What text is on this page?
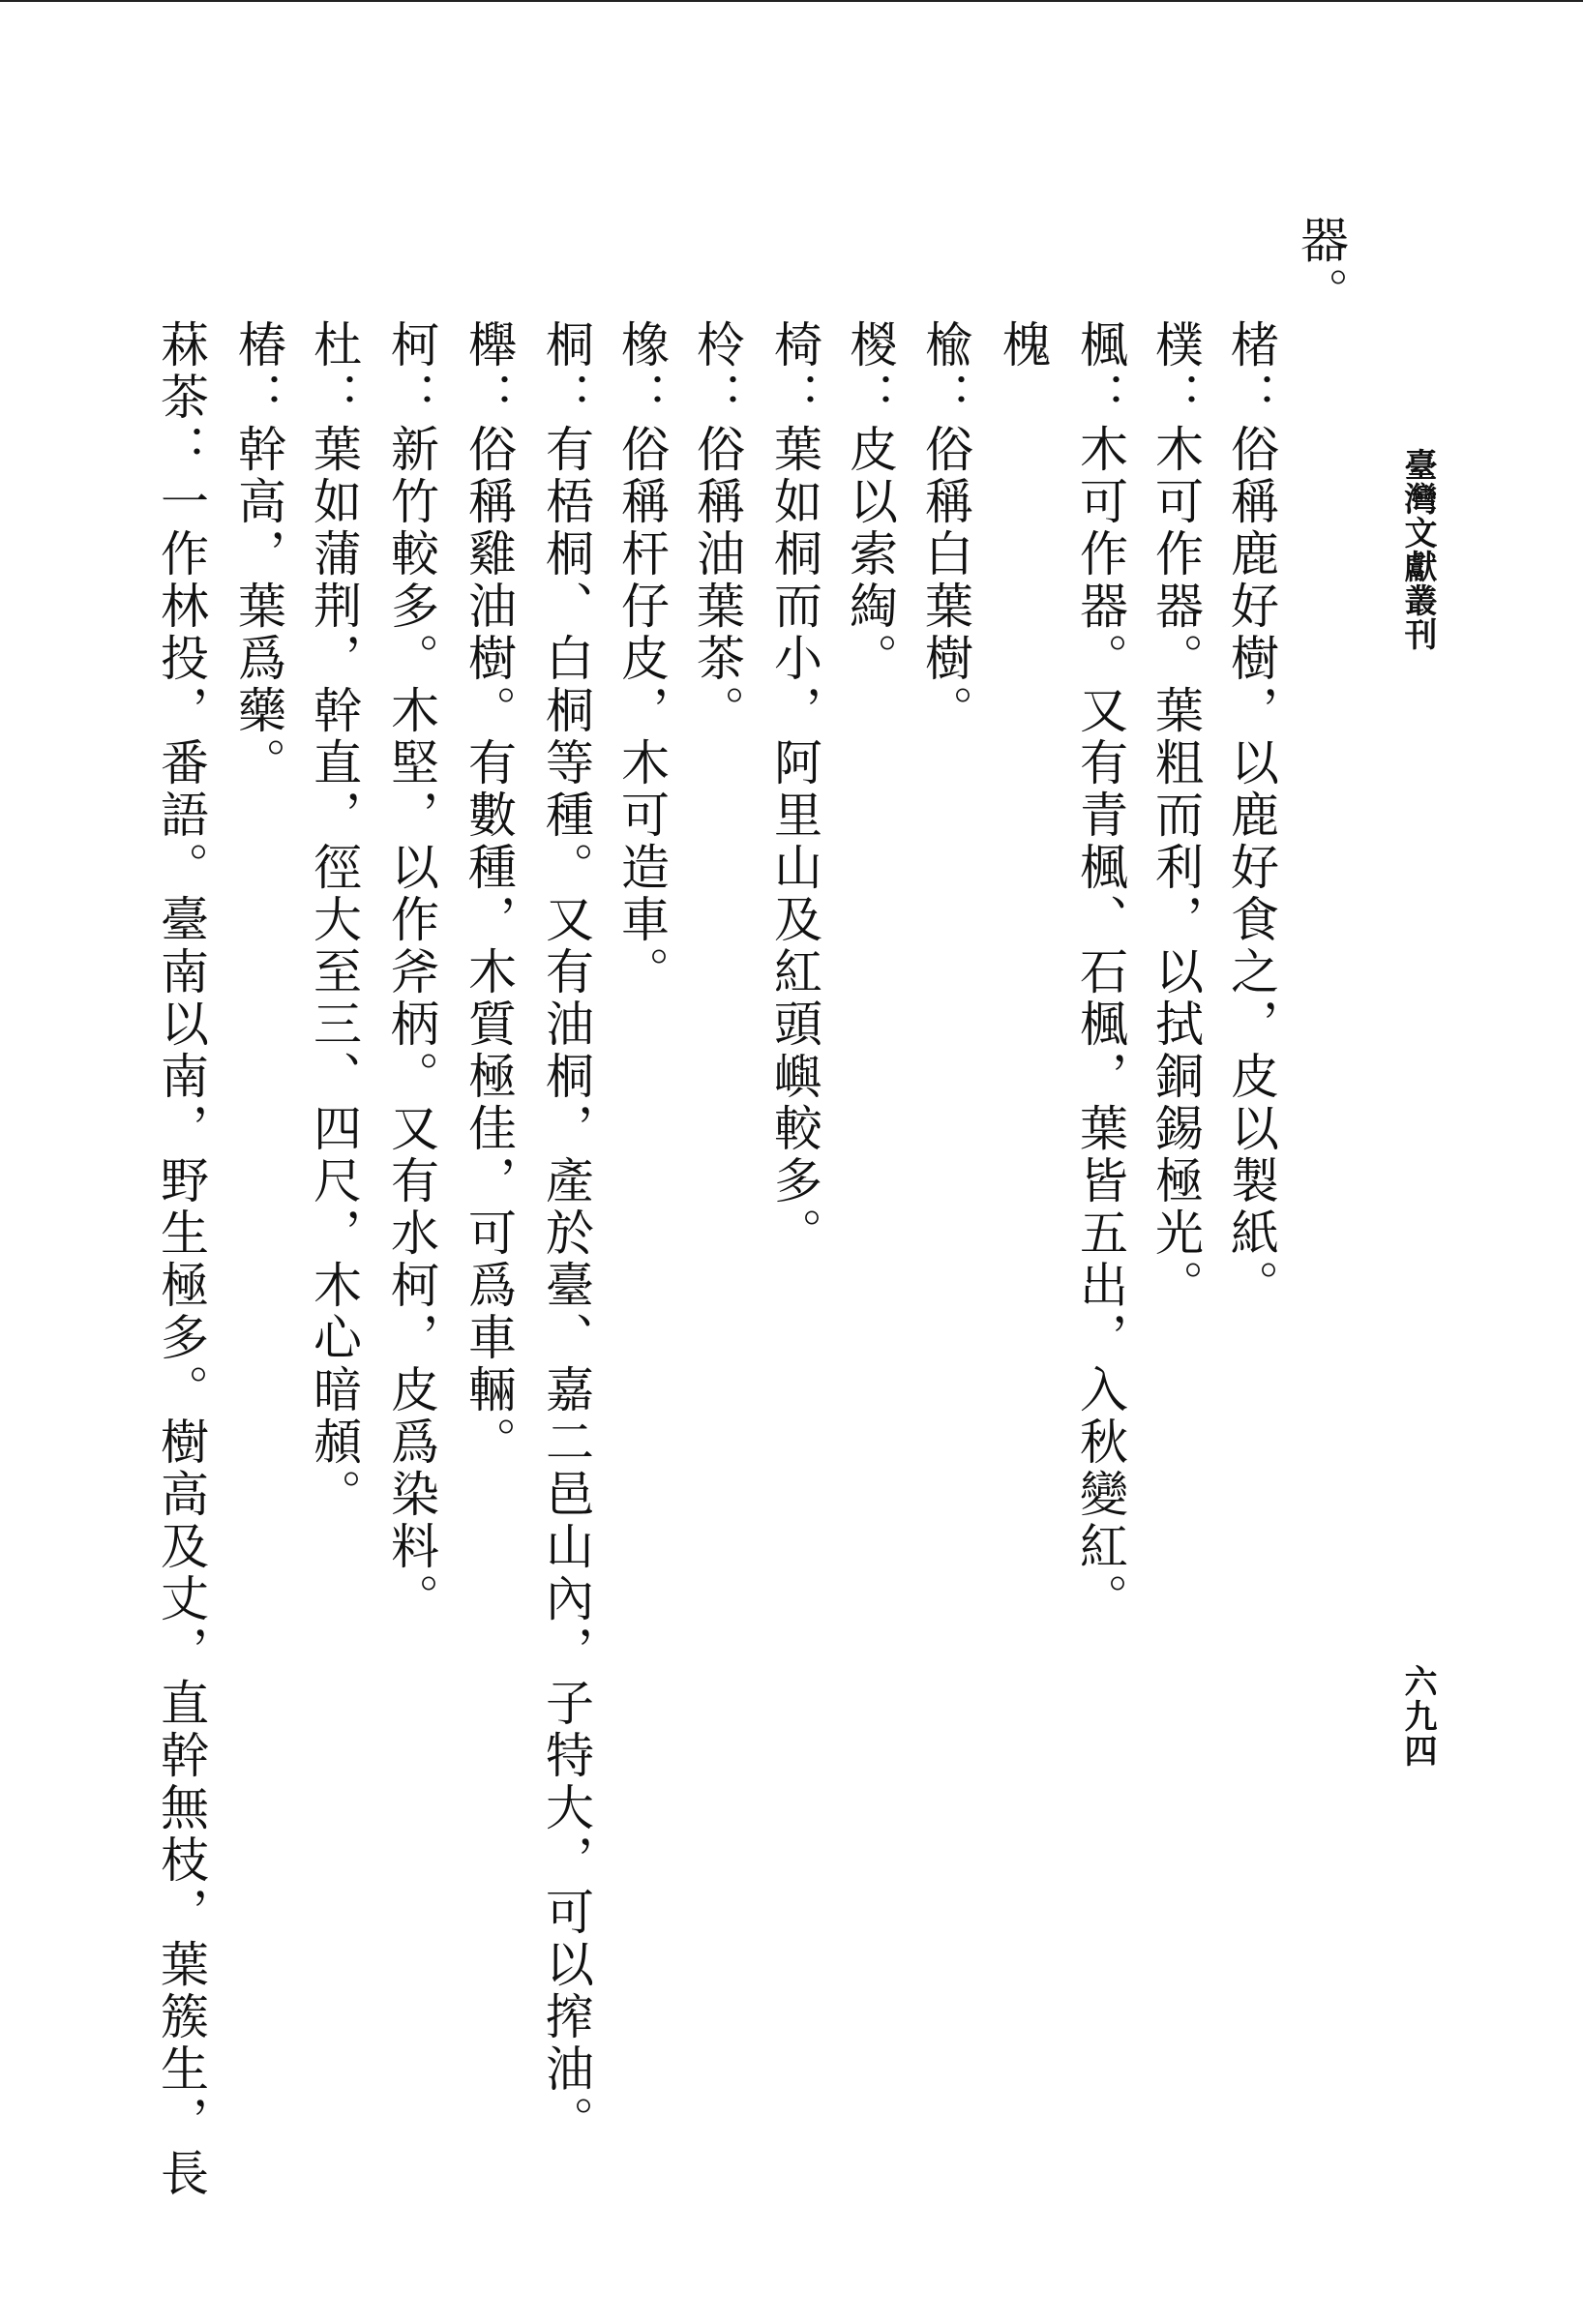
臺灣文獻叢刊
六九四
器。
楮：俗稱鹿好樹，以鹿好食之，皮以製紙。
樸：木可作器。葉粗而利，以拭銅錫極光。
楓：木可作器。又有青楓、石楓，葉皆五出，入秋變紅。
槐
楡：俗稱白葉樹。
椶：皮以索綯。
椅：葉如桐而小，阿里山及紅頭嶼較多。
柃：俗稱油葉茶。
橡：俗稱杆仔皮，木可造車。
桐：有梧桐、白桐等種。又有油桐，產於臺、嘉二邑山內，子特大，可以搾油。
櫸：俗稱雞油樹。有數種，木質極佳，可爲車輛。
柯：新竹較多。木堅，以作斧柄。又有水柯，皮爲染料。
杜：葉如蒲荆，幹直，徑大至三、四尺，木心暗頳。
椿：幹高，葉爲藥。
菻茶：一作林投，番語。臺南以南，野生極多。樹高及丈，直幹無枝，葉簇生，長
